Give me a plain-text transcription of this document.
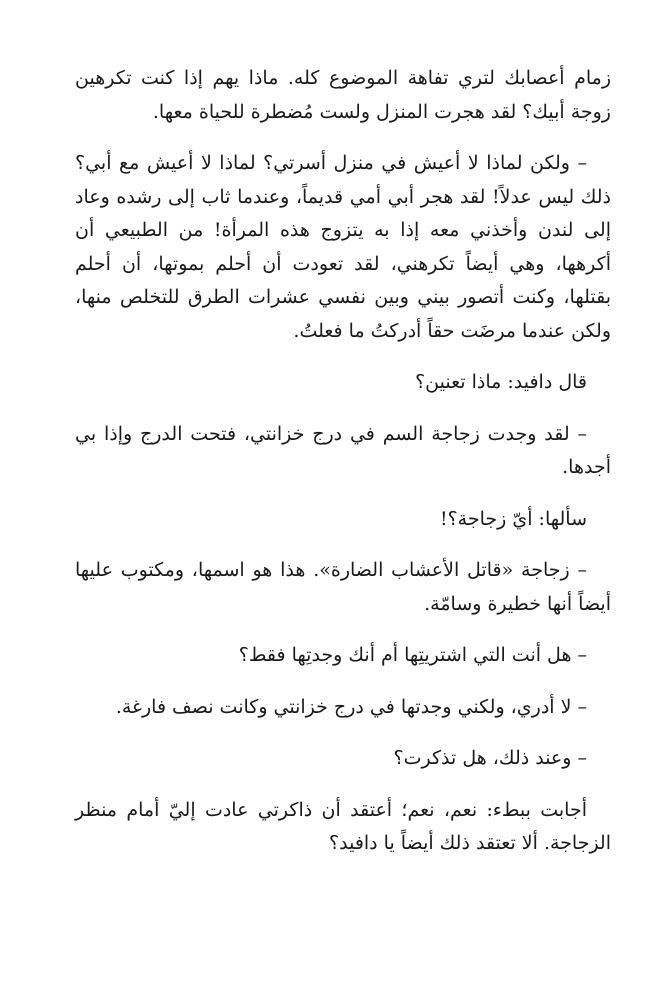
زمام أعصابك لتري تفاهة الموضوع كله. ماذا يهم إذا كنت تكرهين زوجة أبيك؟ لقد هجرت المنزل ولست مُضطرة للحياة معها.

– ولكن لماذا لا أعيش في منزل أسرتي؟ لماذا لا أعيش مع أبي؟ ذلك ليس عدلاً! لقد هجر أبي أمي قديماً، وعندما ثاب إلى رشده وعاد إلى لندن وأخذني معه إذا به يتزوج هذه المرأة! من الطبيعي أن أكرهها، وهي أيضاً تكرهني، لقد تعودت أن أحلم بموتها، أن أحلم بقتلها، وكنت أتصور بيني وبين نفسي عشرات الطرق للتخلص منها، ولكن عندما مرضَت حقاً أدركتُ ما فعلتُ.

قال دافيد: ماذا تعنين؟

– لقد وجدت زجاجة السم في درج خزانتي، فتحت الدرج وإذا بي أجدها.

سألها: أيّ زجاجة؟!

– زجاجة «قاتل الأعشاب الضارة». هذا هو اسمها، ومكتوب عليها أيضاً أنها خطيرة وسامّة.

– هل أنت التي اشتريتِها أم أنك وجدتِها فقط؟

– لا أدري، ولكني وجدتها في درج خزانتي وكانت نصف فارغة.

– وعند ذلك، هل تذكرت؟

أجابت ببطء: نعم، نعم؛ أعتقد أن ذاكرتي عادت إليّ أمام منظر الزجاجة. ألا تعتقد ذلك أيضاً يا دافيد؟
